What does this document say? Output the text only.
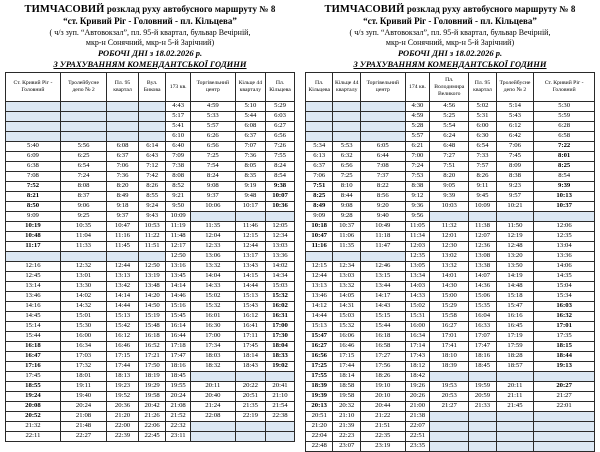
ТИМЧАСОВИЙ розклад руху автобусного маршруту № 8
“ст. Кривий Ріг - Головний - пл. Кільцева”
( ч/з зуп. “Автовокзал”, пл. 95-й квартал, бульвар Вечірній,
мкр-н Сонячний, мкр-н 5-й Зарічний)
РОБОЧІ ДНІ з 18.02.2026 р.
З УРАХУВАННЯМ КОМЕНДАНТСЬКОЇ ГОДИНИ
Ст. Кривий Ріг - Головний	Тролейбусне депо № 2	Пл. 95 квартал	Вул. Бикова	173 кв.	Торгівельний центр	Кільце 44 кварталу	Пл. Кільцева
				4:43	4:59	5:10	5:29
				5:17	5:33	5:44	6:03
				5:41	5:57	6:08	6:27
				6:10	6:26	6:37	6:56
5:40	5:56	6:08	6:14	6:40	6:56	7:07	7:26
6:09	6:25	6:37	6:43	7:09	7:25	7:36	7:55
6:38	6:54	7:06	7:12	7:38	7:54	8:05	8:24
7:08	7:24	7:36	7:42	8:08	8:24	8:35	8:54
7:52	8:08	8:20	8:26	8:52	9:08	9:19	9:38
8:21	8:37	8:49	8:55	9:21	9:37	9:48	10:07
8:50	9:06	9:18	9:24	9:50	10:06	10:17	10:36
9:09	9:25	9:37	9:43	10:09			
10:19	10:35	10:47	10:53	11:19	11:35	11:46	12:05
10:48	11:04	11:16	11:22	11:48	12:04	12:15	12:34
11:17	11:33	11:45	11:51	12:17	12:33	12:44	13:03
				12:50	13:06	13:17	13:36
12:16	12:32	12:44	12:50	13:16	13:32	13:43	14:02
12:45	13:01	13:13	13:19	13:45	14:04	14:15	14:34
13:14	13:30	13:42	13:48	14:14	14:33	14:44	15:03
13:46	14:02	14:14	14:20	14:46	15:02	15:13	15:32
14:16	14:32	14:44	14:50	15:16	15:32	15:43	16:02
14:45	15:01	15:13	15:19	15:45	16:01	16:12	16:31
15:14	15:30	15:42	15:48	16:14	16:30	16:41	17:00
15:44	16:00	16:12	16:18	16:44	17:00	17:11	17:30
16:18	16:34	16:46	16:52	17:18	17:34	17:45	18:04
16:47	17:03	17:15	17:21	17:47	18:03	18:14	18:33
17:16	17:32	17:44	17:50	18:16	18:32	18:43	19:02
17:45	18:01	18:13	18:19	18:45			
18:55	19:11	19:23	19:29	19:55	20:11	20:22	20:41
19:24	19:40	19:52	19:58	20:24	20:40	20:51	21:10
20:08	20:24	20:36	20:42	21:08	21:24	21:35	21:54
20:52	21:08	21:20	21:26	21:52	22:08	22:19	22:38
21:32	21:48	22:00	22:06	22:32			
22:11	22:27	22:39	22:45	23:11			
ТИМЧАСОВИЙ розклад руху автобусного маршруту № 8
“ст. Кривий Ріг - Головний - пл. Кільцева”
( ч/з зуп. “Автовокзал”, пл. 95-й квартал, бульвар Вечірній,
мкр-н Сонячний, мкр-н 5-й Зарічний)
РОБОЧІ ДНІ з 18.02.2026 р.
З УРАХУВАННЯМ КОМЕНДАНТСЬКОЇ ГОДИНИ
Пл. Кільцева	Кільце 44 кварталу	Торгівельний центр	174 кв.	Пл. Володимира Великого	Пл. 95 квартал	Тролейбусне депо № 2	Ст. Кривий Ріг - Головний
			4:30	4:56	5:02	5:14	5:30
			4:59	5:25	5:31	5:43	5:59
			5:28	5:54	6:00	6:12	6:28
			5:57	6:24	6:30	6:42	6:58
5:34	5:53	6:05	6:21	6:48	6:54	7:06	7:22
6:13	6:32	6:44	7:00	7:27	7:33	7:45	8:01
6:37	6:56	7:08	7:24	7:51	7:57	8:09	8:25
7:06	7:25	7:37	7:53	8:20	8:26	8:38	8:54
7:51	8:10	8:22	8:38	9:05	9:11	9:23	9:39
8:25	8:44	8:56	9:12	9:39	9:45	9:57	10:13
8:49	9:08	9:20	9:36	10:03	10:09	10:21	10:37
9:09	9:28	9:40	9:56				
10:18	10:37	10:49	11:05	11:32	11:38	11:50	12:06
10:47	11:06	11:18	11:34	12:01	12:07	12:19	12:35
11:16	11:35	11:47	12:03	12:30	12:36	12:48	13:04
			12:35	13:02	13:08	13:20	13:36
12:15	12:34	12:46	13:05	13:32	13:38	13:50	14:06
12:44	13:03	13:15	13:34	14:01	14:07	14:19	14:35
13:13	13:32	13:44	14:03	14:30	14:36	14:48	15:04
13:46	14:05	14:17	14:33	15:00	15:06	15:18	15:34
14:12	14:31	14:43	15:02	15:29	15:35	15:47	16:03
14:44	15:03	15:15	15:31	15:58	16:04	16:16	16:32
15:13	15:32	15:44	16:00	16:27	16:33	16:45	17:01
15:47	16:06	16:18	16:34	17:01	17:07	17:19	17:35
16:27	16:46	16:58	17:14	17:41	17:47	17:59	18:15
16:56	17:15	17:27	17:43	18:10	18:16	18:28	18:44
17:25	17:44	17:56	18:12	18:39	18:45	18:57	19:13
17:55	18:14	18:26	18:42				
18:39	18:58	19:10	19:26	19:53	19:59	20:11	20:27
19:39	19:58	20:10	20:26	20:53	20:59	21:11	21:27
20:13	20:32	20:44	21:00	21:27	21:33	21:45	22:01
20:51	21:10	21:22	21:38				
21:20	21:39	21:51	22:07				
22:04	22:23	22:35	22:51				
22:48	23:07	23:19	23:35				
